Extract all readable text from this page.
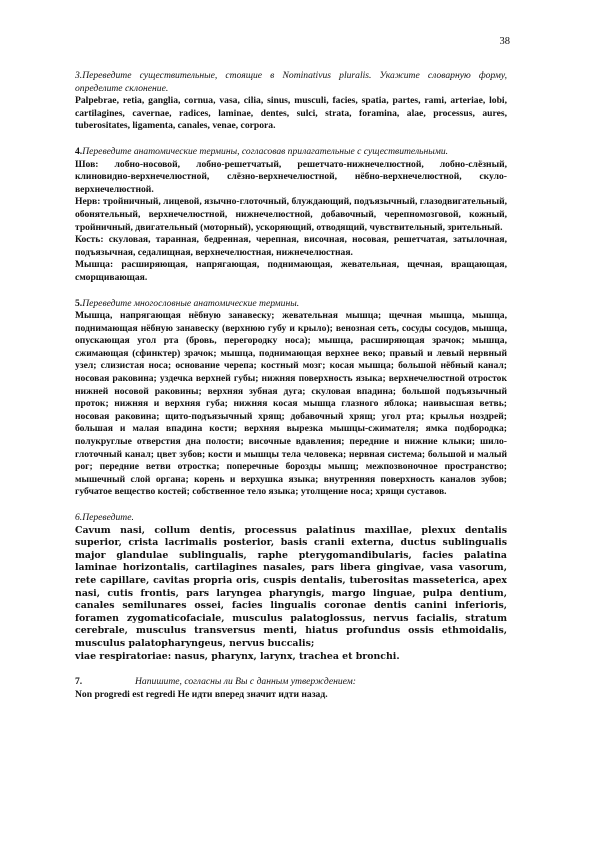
38

3.Переведите существительные, стоящие в Nominativus pluralis. Укажите словарную форму, определите склонение.

Palpebrae, retia, ganglia, cornua, vasa, cilia, sinus, musculi, facies, spatia, partes, rami, arteriae, lobi, cartilagines, cavernae, radices, laminae, dentes, sulci, strata, foramina, alae, processus, aures, tuberositates, ligamenta, canales, venae, corpora.

4.Переведите анатомические термины, согласовав прилагательные с существительными.

Шов: лобно-носовой, лобно-решетчатый, решетчато-нижнечелюстной, лобно-слёзный, клиновидно-верхнечелюстной, слёзно-верхнечелюстной, нёбно-верхнечелюстной, скуло-верхнечелюстной.

Нерв: тройничный, лицевой, язычно-глоточный, блуждающий, подъязычный, глазодвигательный, обонятельный, верхнечелюстной, нижнечелюстной, добавочный, черепномозговой, кожный, тройничный, двигательный (моторный), ускоряющий, отводящий, чувствительный, зрительный.

Кость: скуловая, таранная, бедренная, черепная, височная, носовая, решетчатая, затылочная, подъязычная, седалищная, верхнечелюстная, нижнечелюстная.

Мышца: расширяющая, напрягающая, поднимающая, жевательная, щечная, вращающая, сморщивающая.

5.Переведите многословные анатомические термины.

Мышца, напрягающая нёбную занавеску; жевательная мышца; щечная мышца, мышца, поднимающая нёбную занавеску (верхнюю губу и крыло); венозная сеть, сосуды сосудов, мышца, опускающая угол рта (бровь, перегородку носа); мышца, расширяющая зрачок; мышца, сжимающая (сфинктер) зрачок; мышца, поднимающая верхнее веко; правый и левый нервный узел; слизистая носа; основание черепа; костный мозг; косая мышца; большой нёбный канал; носовая раковина; уздечка верхней губы; нижняя поверхность языка; верхнечелюстной отросток нижней носовой раковины; верхняя зубная дуга; скуловая впадина; большой подъязычный проток; нижняя и верхняя губа; нижняя косая мышца глазного яблока; наивысшая ветвь; носовая раковина; щито-подъязычный хрящ; добавочный хрящ; угол рта; крылья ноздрей; большая и малая впадина кости; верхняя вырезка мышцы-сжимателя; ямка подбородка; полукруглые отверстия дна полости; височные вдавления; передние и нижние клыки; шило-глоточный канал; цвет зубов; кости и мышцы тела человека; нервная система; большой и малый рог; передние ветви отростка; поперечные борозды мышц; межпозвоночное пространство; мышечный слой органа; корень и верхушка языка; внутренняя поверхность каналов зубов; губчатое вещество костей; собственное тело языка; утолщение носа; хрящи суставов.

6.Переведите.

Cavum nasi, collum dentis, processus palatinus maxillae, plexux dentalis superior, crista lacrimalis posterior, basis cranii externa, ductus sublingualis major glandulae sublingualis, raphe pterygomandibularis, facies palatina laminae horizontalis, cartilagines nasales, pars libera gingivae, vasa vasorum, rete capillare, cavitas propria oris, cuspis dentalis, tuberositas masseterica, apex nasi, cutis frontis, pars laryngea pharyngis, margo linguae, pulpa dentium, canales semilunares ossei, facies lingualis coronae dentis canini inferioris, foramen zygomaticofaciale, musculus palatoglossus, nervus facialis, stratum cerebrale, musculus transversus menti, hiatus profundus ossis ethmoidalis, musculus palatopharyngeus, nervus buccalis;

viae respiratoriae: nasus, pharynx, larynx, trachea et bronchi.

7.	Напишите, согласны ли Вы с данным утверждением:

Non progredi est regredi Не идти вперед значит идти назад.
